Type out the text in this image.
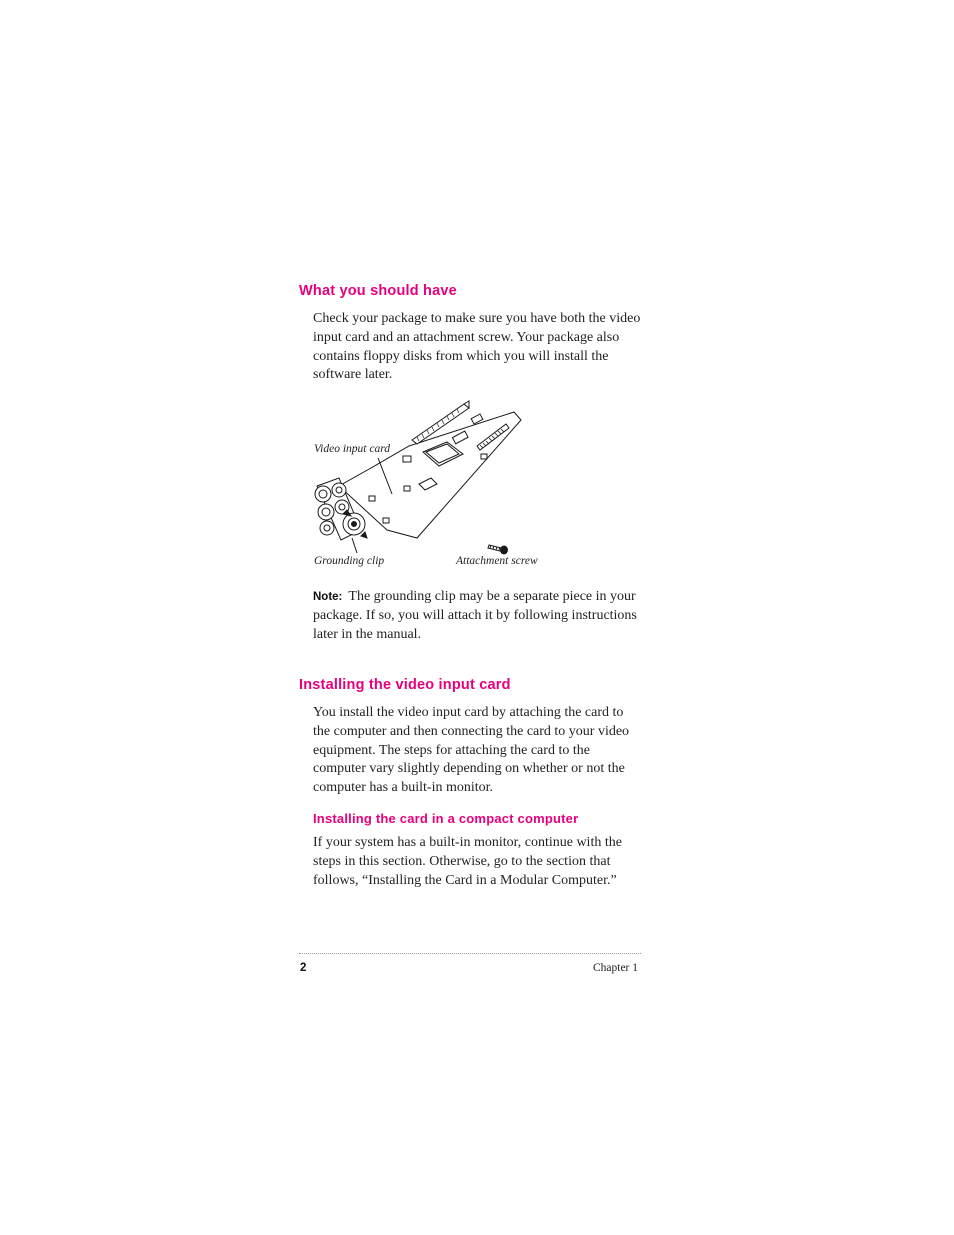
What you should have

Check your package to make sure you have both the video input card and an attachment screw. Your package also contains floppy disks from which you will install the software later.

Video input card

Grounding clip	Attachment screw

Note: The grounding clip may be a separate piece in your package. If so, you will attach it by following instructions later in the manual.

Installing the video input card

You install the video input card by attaching the card to the computer and then connecting the card to your video equipment. The steps for attaching the card to the computer vary slightly depending on whether or not the computer has a built-in monitor.

Installing the card in a compact computer

If your system has a built-in monitor, continue with the steps in this section. Otherwise, go to the section that follows, “Installing the Card in a Modular Computer.”

2	Chapter 1
